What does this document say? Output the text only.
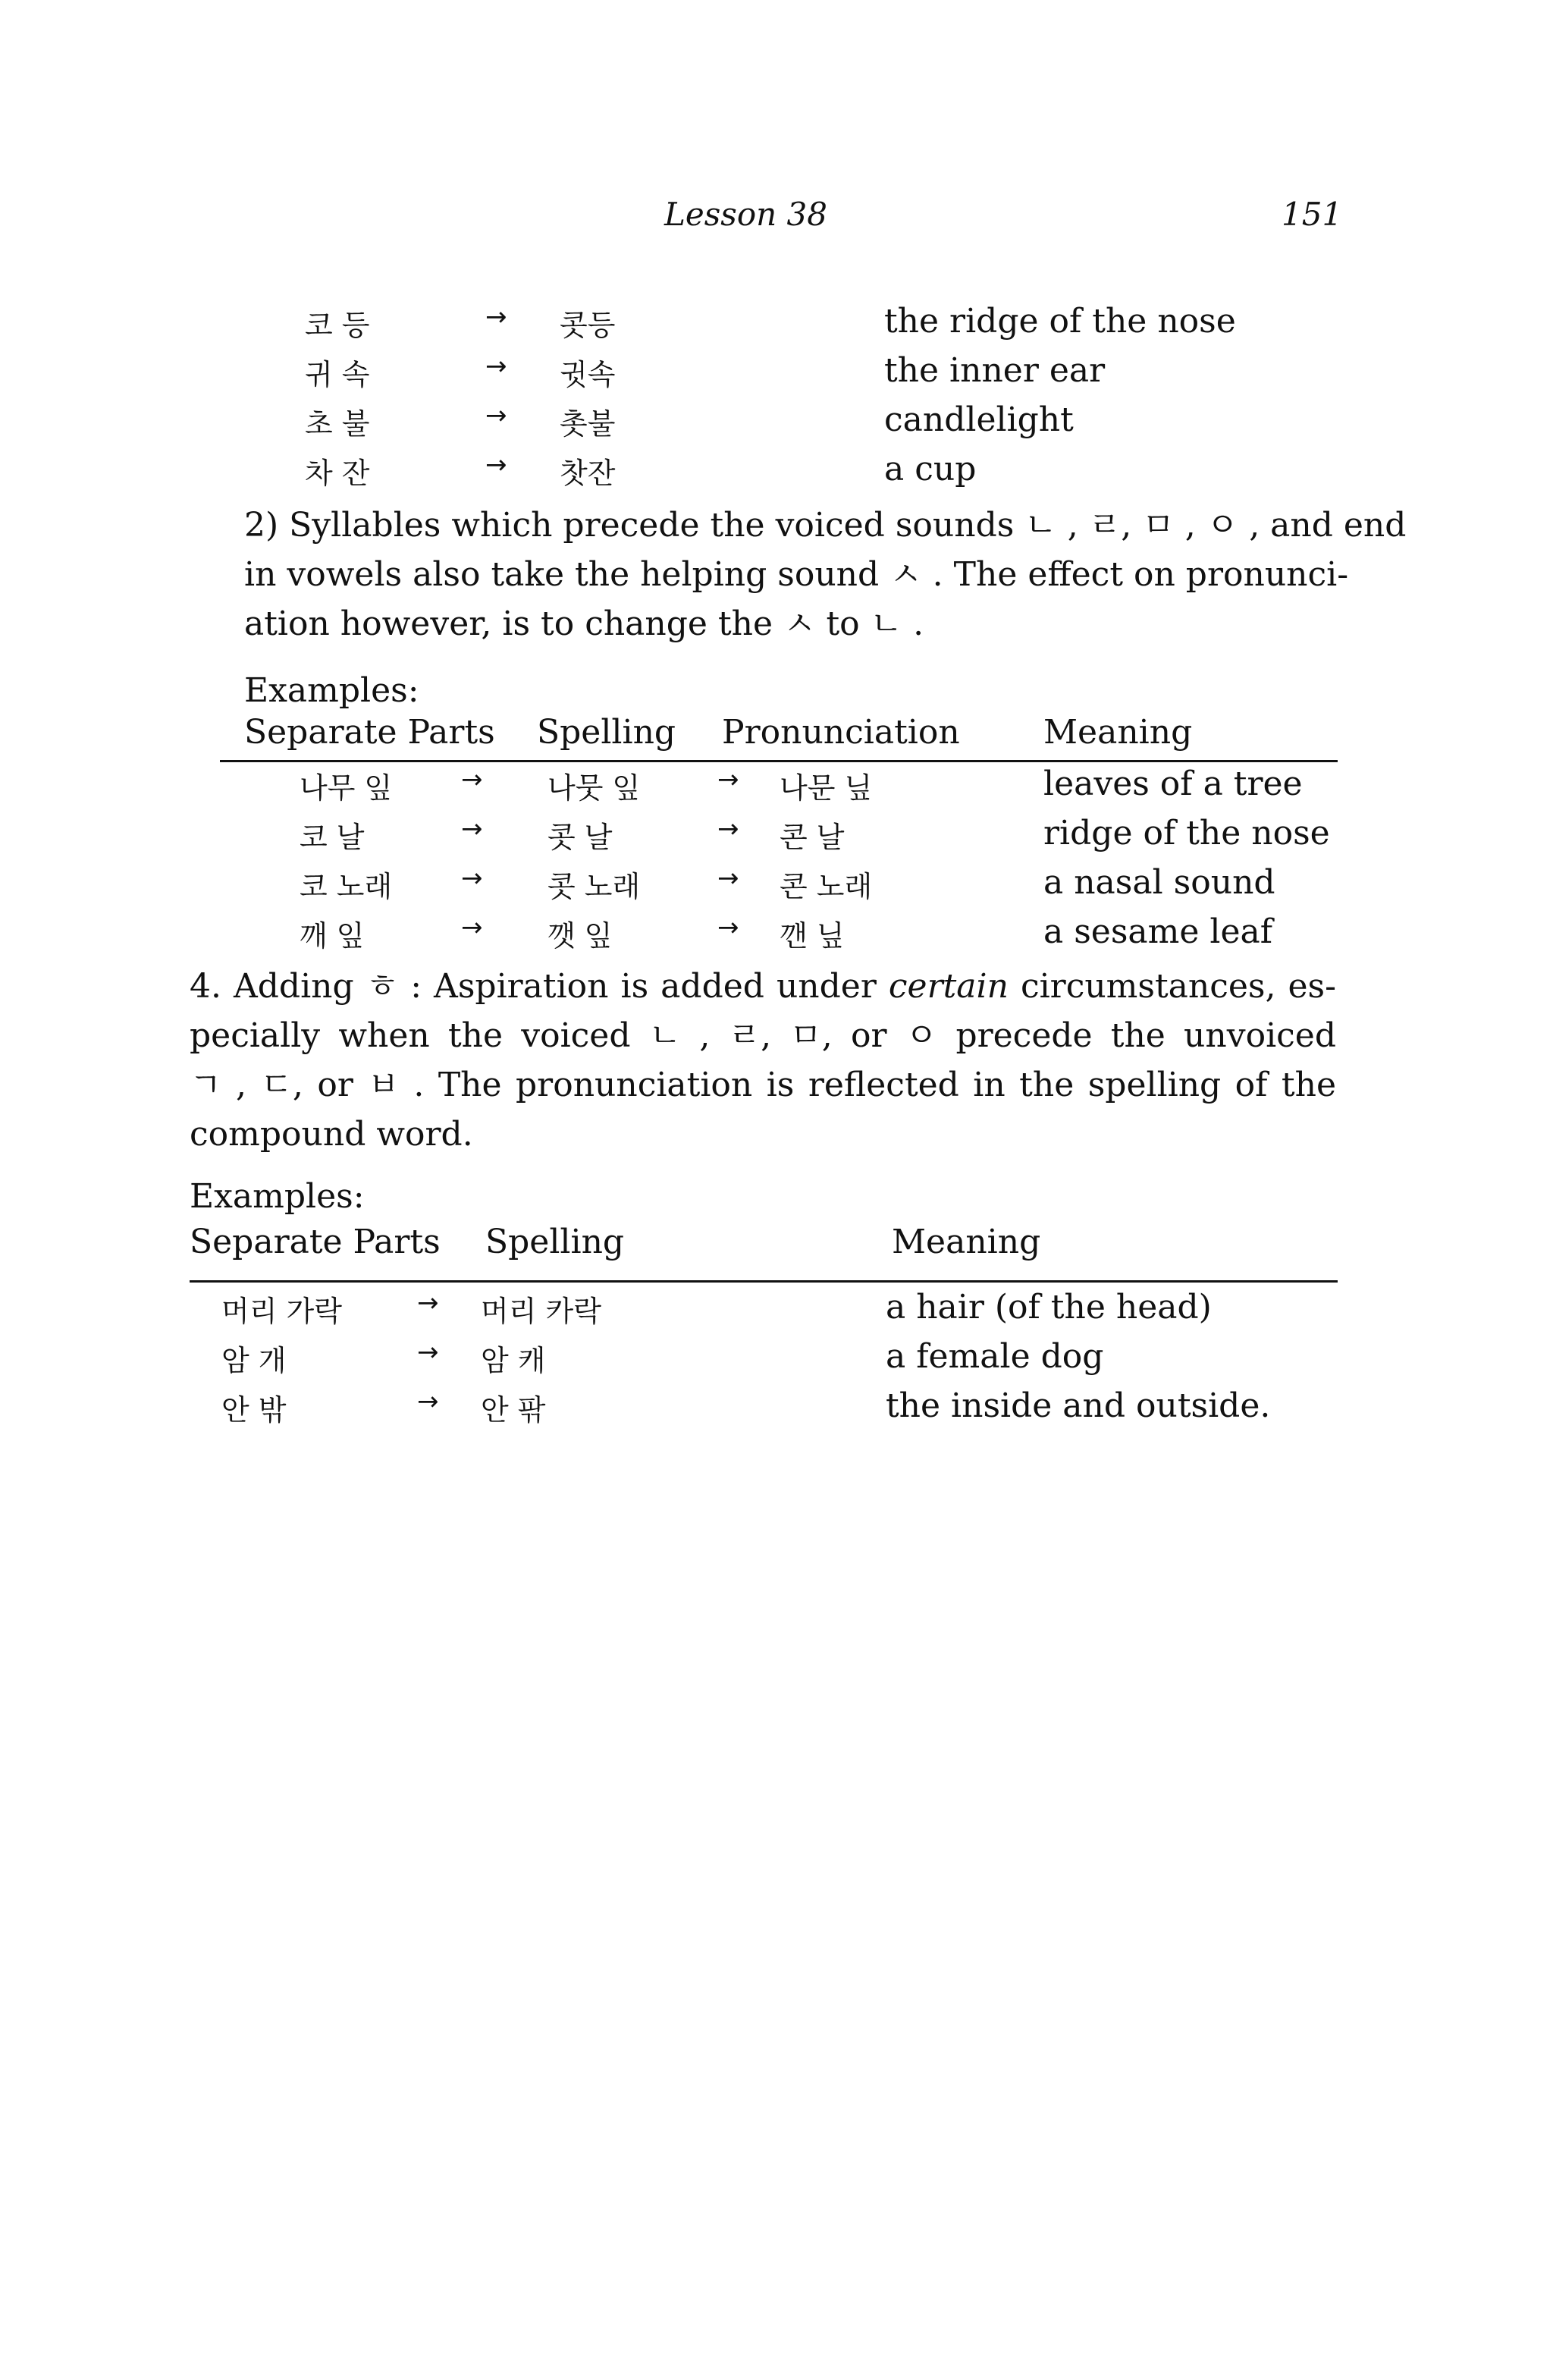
Lesson 38	151
코 등	→ 콧등	the ridge of the nose
귀 속	→ 귓속	the inner ear
초 불	→ 촛불	candlelight
차 잔	→ 찻잔	a cup
2) Syllables which precede the voiced sounds ㄴ , ㄹ, ㅁ , ㅇ , and end
in vowels also take the helping sound ㅅ . The effect on pronunci-
ation however, is to change the ㅅ to ㄴ .
Examples:
Separate Parts Spelling Pronunciation	Meaning
나무 잎	→ 나뭇 잎	→ 나문 닢	leaves of a tree
코 날	→ 콧 날	→ 콘 날	ridge of the nose
코 노래	→ 콧 노래	→ 콘 노래	a nasal sound
깨 잎	→ 깻 잎	→ 깬 닢	a sesame leaf
4. Adding ㅎ : Aspiration is added under certain circumstances, es-
pecially when the voiced ㄴ , ㄹ, ㅁ, or ㅇ precede the unvoiced
ㄱ , ㄷ, or ㅂ . The pronunciation is reflected in the spelling of the
compound word.
Examples:
Separate Parts Spelling	Meaning
머리 가락	→ 머리 카락	a hair (of the head)
암 개	→ 암 캐	a female dog
안 밖	→ 안 팎	the inside and outside.
